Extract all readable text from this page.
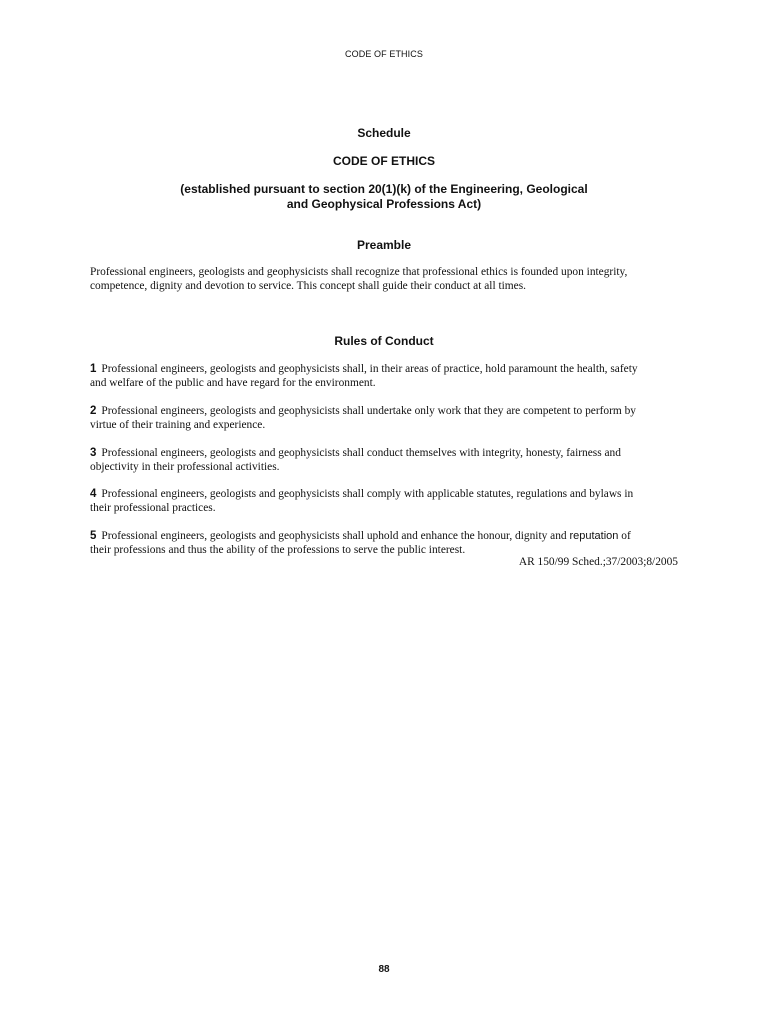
CODE OF ETHICS
Schedule
CODE OF ETHICS
(established pursuant to section 20(1)(k) of the Engineering, Geological
and Geophysical Professions Act)
Preamble
Professional engineers, geologists and geophysicists shall recognize that professional ethics is founded upon integrity,
competence, dignity and devotion to service. This concept shall guide their conduct at all times.
Rules of Conduct
1 Professional engineers, geologists and geophysicists shall, in their areas of practice, hold paramount the health, safety
and welfare of the public and have regard for the environment.
2 Professional engineers, geologists and geophysicists shall undertake only work that they are competent to perform by
virtue of their training and experience.
3 Professional engineers, geologists and geophysicists shall conduct themselves with integrity, honesty, fairness and
objectivity in their professional activities.
4 Professional engineers, geologists and geophysicists shall comply with applicable statutes, regulations and bylaws in
their professional practices.
5 Professional engineers, geologists and geophysicists shall uphold and enhance the honour, dignity and reputation of
their professions and thus the ability of the professions to serve the public interest.
AR 150/99 Sched.;37/2003;8/2005
88
